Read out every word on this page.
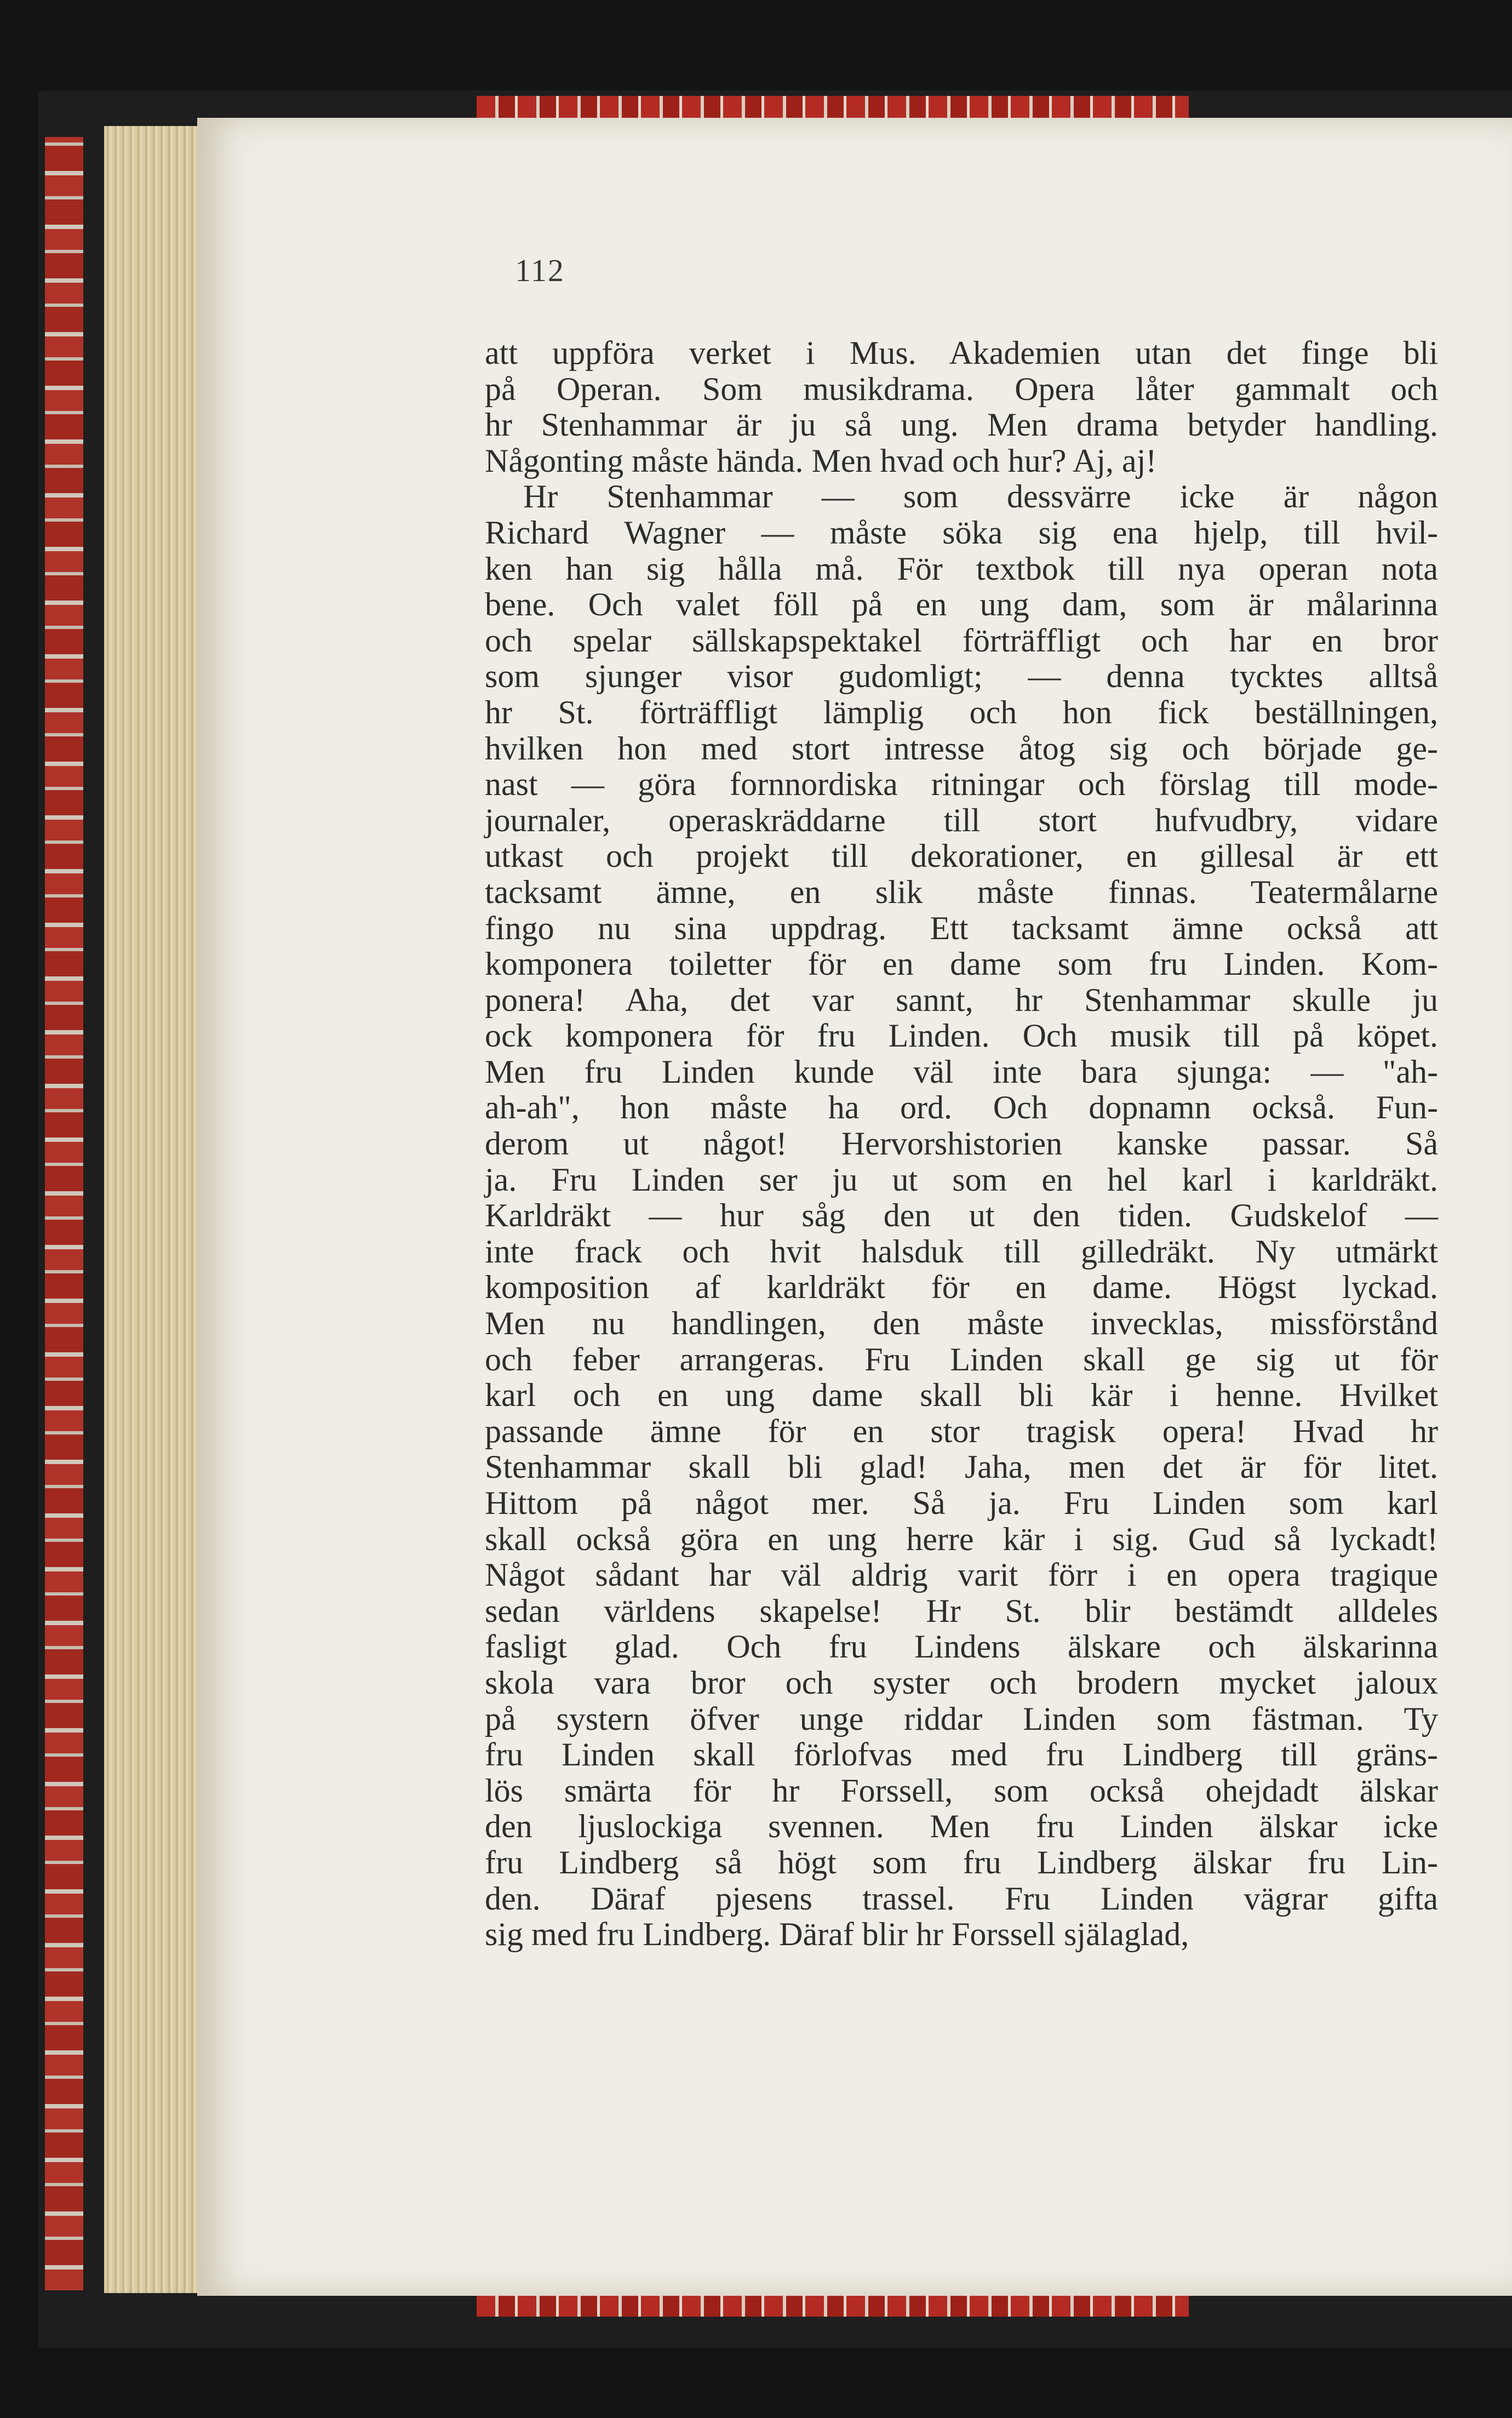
112
att uppföra verket i Mus. Akademien utan det finge bli
på Operan. Som musikdrama. Opera låter gammalt och
hr Stenhammar är ju så ung. Men drama betyder handling.
Någonting måste hända. Men hvad och hur? Aj, aj!
Hr Stenhammar — som dessvärre icke är någon
Richard Wagner — måste söka sig ena hjelp, till hvil-
ken han sig hålla må. För textbok till nya operan nota
bene. Och valet föll på en ung dam, som är målarinna
och spelar sällskapspektakel förträffligt och har en bror
som sjunger visor gudomligt; — denna tycktes alltså
hr St. förträffligt lämplig och hon fick beställningen,
hvilken hon med stort intresse åtog sig och började ge-
nast — göra fornnordiska ritningar och förslag till mode-
journaler, operaskräddarne till stort hufvudbry, vidare
utkast och projekt till dekorationer, en gillesal är ett
tacksamt ämne, en slik måste finnas. Teatermålarne
fingo nu sina uppdrag. Ett tacksamt ämne också att
komponera toiletter för en dame som fru Linden. Kom-
ponera! Aha, det var sannt, hr Stenhammar skulle ju
ock komponera för fru Linden. Och musik till på köpet.
Men fru Linden kunde väl inte bara sjunga: — "ah-
ah-ah", hon måste ha ord. Och dopnamn också. Fun-
derom ut något! Hervorshistorien kanske passar. Så
ja. Fru Linden ser ju ut som en hel karl i karldräkt.
Karldräkt — hur såg den ut den tiden. Gudskelof —
inte frack och hvit halsduk till gilledräkt. Ny utmärkt
komposition af karldräkt för en dame. Högst lyckad.
Men nu handlingen, den måste invecklas, missförstånd
och feber arrangeras. Fru Linden skall ge sig ut för
karl och en ung dame skall bli kär i henne. Hvilket
passande ämne för en stor tragisk opera! Hvad hr
Stenhammar skall bli glad! Jaha, men det är för litet.
Hittom på något mer. Så ja. Fru Linden som karl
skall också göra en ung herre kär i sig. Gud så lyckadt!
Något sådant har väl aldrig varit förr i en opera tragique
sedan världens skapelse! Hr St. blir bestämdt alldeles
fasligt glad. Och fru Lindens älskare och älskarinna
skola vara bror och syster och brodern mycket jaloux
på systern öfver unge riddar Linden som fästman. Ty
fru Linden skall förlofvas med fru Lindberg till gräns-
lös smärta för hr Forssell, som också ohejdadt älskar
den ljuslockiga svennen. Men fru Linden älskar icke
fru Lindberg så högt som fru Lindberg älskar fru Lin-
den. Däraf pjesens trassel. Fru Linden vägrar gifta
sig med fru Lindberg. Däraf blir hr Forssell själaglad,
